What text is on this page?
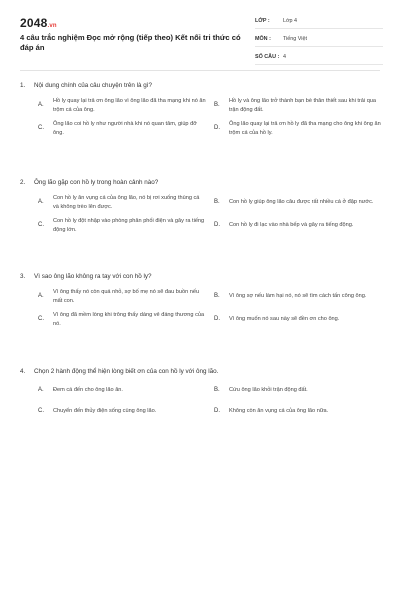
2048.vn
4 câu trắc nghiệm Đọc mở rộng (tiếp theo) Kết nối tri thức có đáp án
LỚP :	Lớp 4
MÔN :	Tiếng Việt
SỐ CÂU : 4
1.	Nội dung chính của câu chuyện trên là gì?
A.
Hồ ly quay lại trả ơn ông lão vì ông lão đã tha mạng khi nó ăn trộm cá của ông.
B.
Hồ ly và ông lão trở thành bạn bè thân thiết sau khi trải qua trận động đất.
C.
Ông lão coi hồ ly như người nhà khi nó quan tâm, giúp đỡ ông.
D.
Ông lão quay lại trả ơn hồ ly đã tha mạng cho ông khi ông ăn trộm cá của hồ ly.
2.	Ông lão gặp con hồ ly trong hoàn cảnh nào?
A.
Con hồ ly ăn vụng cá của ông lão, nó bị rơi xuống thùng cá và không trèo lên được.
B.	Con hồ ly giúp ông lão câu được rất nhiều cá ở đập nước.
C.
Con hồ ly đột nhập vào phòng phân phối điện và gây ra tiếng động lớn.
D.	Con hồ ly đi lạc vào nhà bếp và gây ra tiếng động.
3.	Vì sao ông lão không ra tay với con hồ ly?
A.
Vì ông thấy nó còn quá nhỏ, sợ bố mẹ nó sẽ đau buồn nếu mất con.
B.	Vì ông sợ nếu làm hại nó, nó sẽ tìm cách tấn công ông.
C.
Vì ông đã mềm lòng khi trông thấy dáng vẻ đáng thương của nó.
D.	Vì ông muốn nó sau này sẽ đền ơn cho ông.
4.	Chọn 2 hành động thể hiện lòng biết ơn của con hồ ly với ông lão.
A.	Đem cá đến cho ông lão ăn.	B.	Cứu ông lão khỏi trận động đất.
C.	Chuyển đến thủy điện sống cùng ông lão.	D.	Không còn ăn vụng cá của ông lão nữa.
